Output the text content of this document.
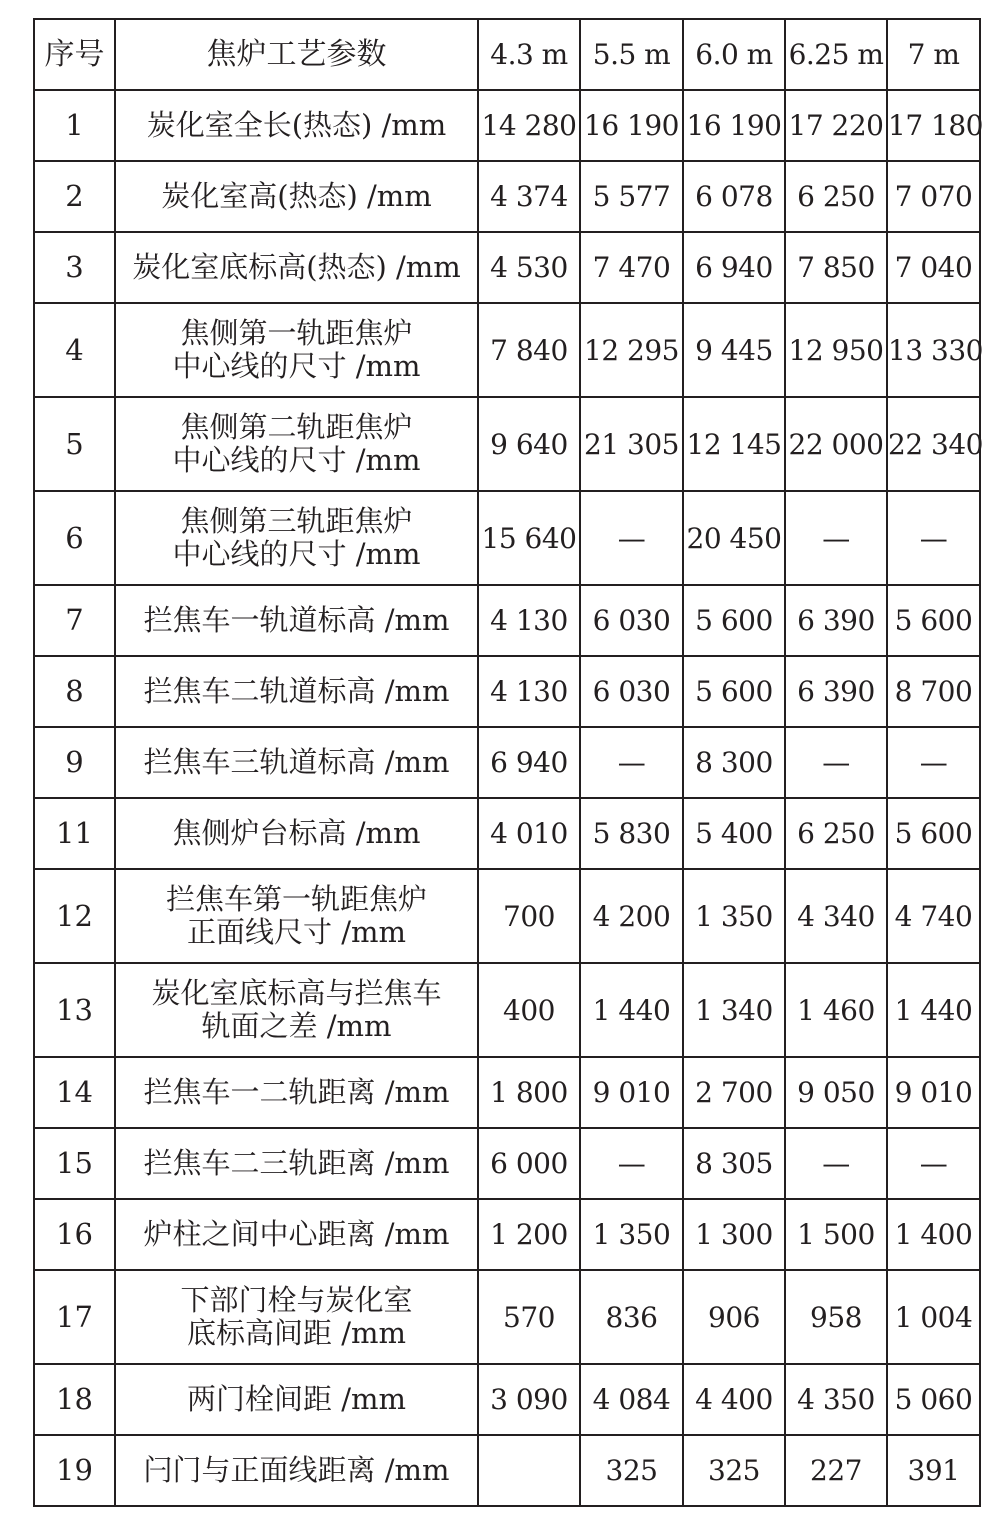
序号	焦炉工艺参数	4.3 m	5.5 m	6.0 m	6.25 m	7 m
1	炭化室全长(热态) /mm	14 280	16 190	16 190	17 220	17 180
2	炭化室高(热态) /mm	4 374	5 577	6 078	6 250	7 070
3	炭化室底标高(热态) /mm	4 530	7 470	6 940	7 850	7 040
4	焦侧第一轨距焦炉
中心线的尺寸 /mm	7 840	12 295	9 445	12 950	13 330
5	焦侧第二轨距焦炉
中心线的尺寸 /mm	9 640	21 305	12 145	22 000	22 340
6	焦侧第三轨距焦炉
中心线的尺寸 /mm	15 640	—	20 450	—	—
7	拦焦车一轨道标高 /mm	4 130	6 030	5 600	6 390	5 600
8	拦焦车二轨道标高 /mm	4 130	6 030	5 600	6 390	8 700
9	拦焦车三轨道标高 /mm	6 940	—	8 300	—	—
11	焦侧炉台标高 /mm	4 010	5 830	5 400	6 250	5 600
12	拦焦车第一轨距焦炉
正面线尺寸 /mm	700	4 200	1 350	4 340	4 740
13	炭化室底标高与拦焦车
轨面之差 /mm	400	1 440	1 340	1 460	1 440
14	拦焦车一二轨距离 /mm	1 800	9 010	2 700	9 050	9 010
15	拦焦车二三轨距离 /mm	6 000	—	8 305	—	—
16	炉柱之间中心距离 /mm	1 200	1 350	1 300	1 500	1 400
17	下部门栓与炭化室
底标高间距 /mm	570	836	906	958	1 004
18	两门栓间距 /mm	3 090	4 084	4 400	4 350	5 060
19	闩门与正面线距离 /mm		325	325	227	391
